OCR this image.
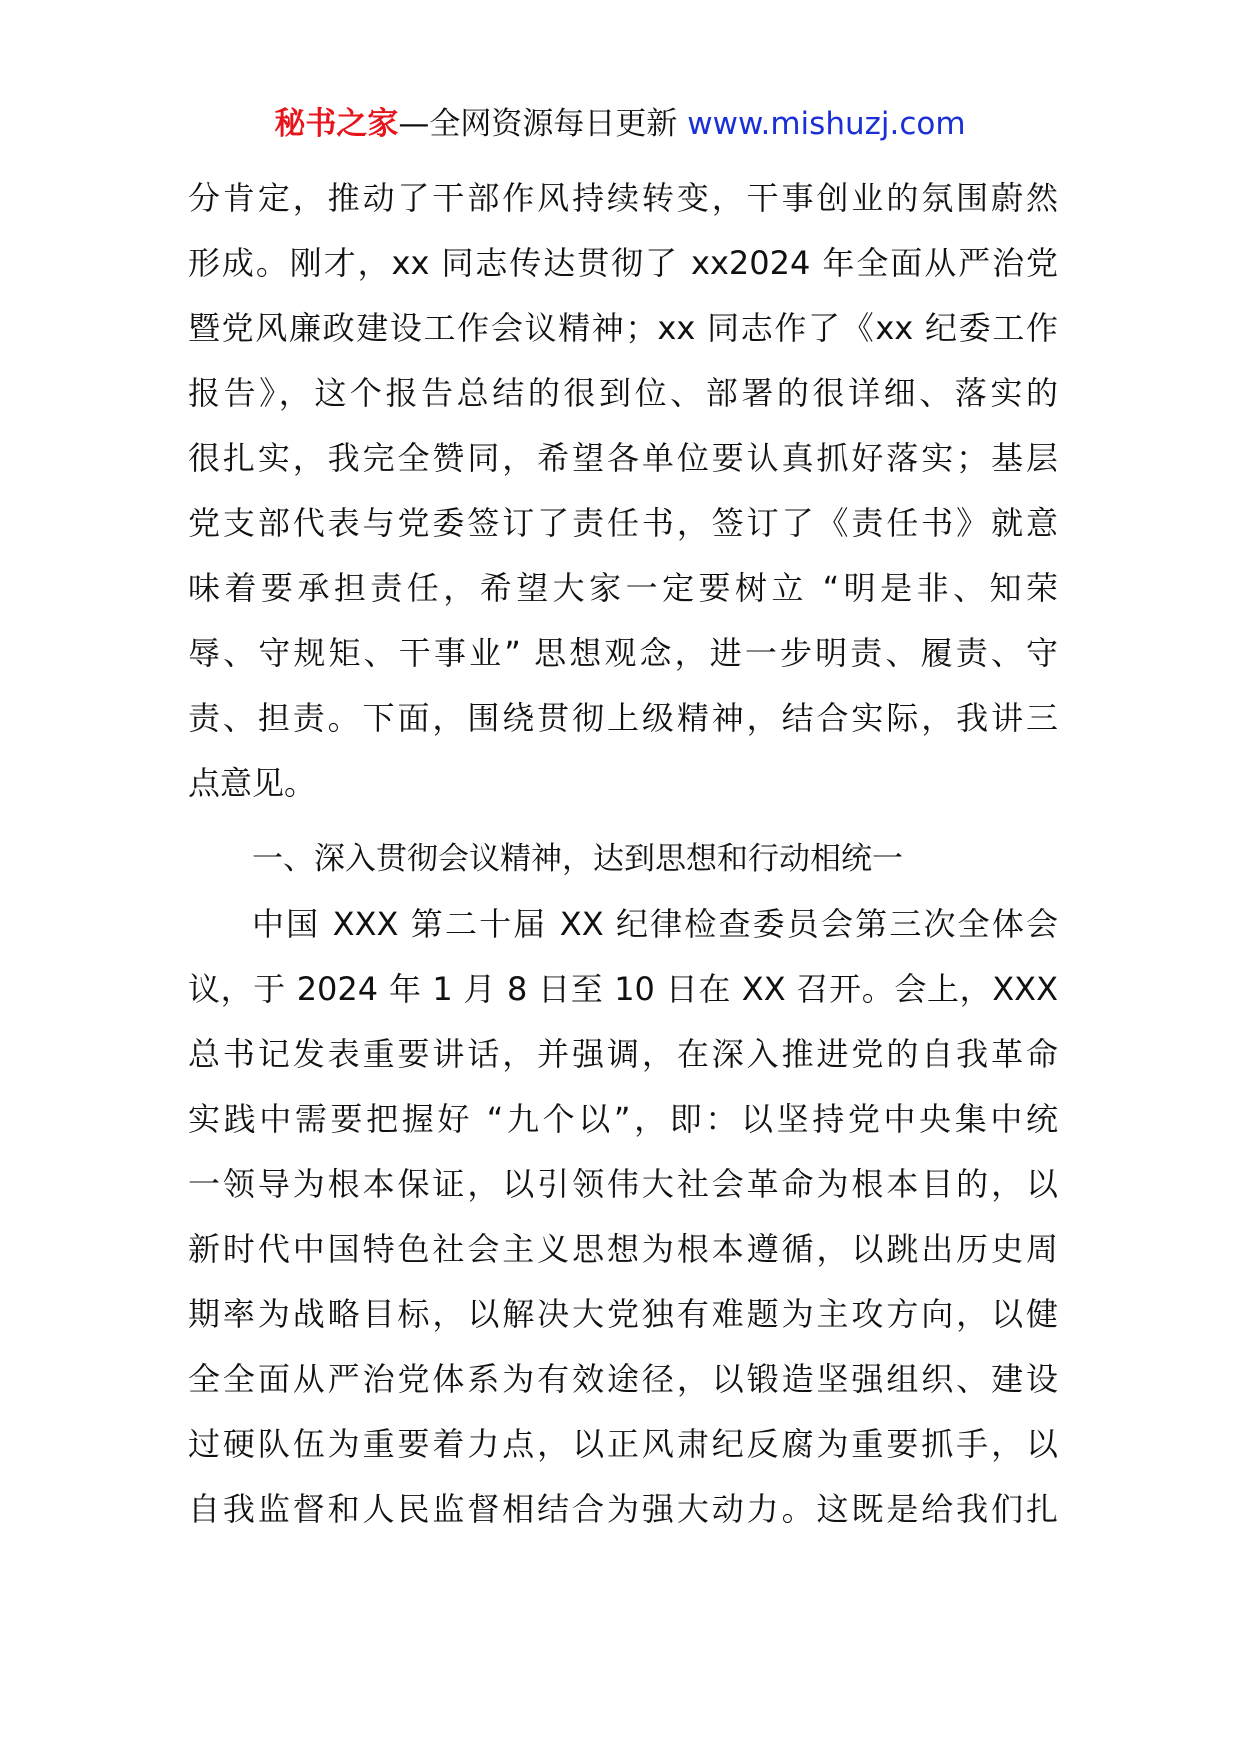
秘书之家—全网资源每日更新 www.mishuzj.com
分肯定，推动了干部作风持续转变，干事创业的氛围蔚然
形成。刚才，xx 同志传达贯彻了 xx2024 年全面从严治党
暨党风廉政建设工作会议精神；xx 同志作了《xx 纪委工作
报告》，这个报告总结的很到位、部署的很详细、落实的
很扎实，我完全赞同，希望各单位要认真抓好落实；基层
党支部代表与党委签订了责任书，签订了《责任书》就意
味着要承担责任，希望大家一定要树立 “明是非、知荣
辱、守规矩、干事业” 思想观念，进一步明责、履责、守
责、担责。下面，围绕贯彻上级精神，结合实际，我讲三
点意见。
一、深入贯彻会议精神，达到思想和行动相统一
中国 XXX 第二十届 XX 纪律检查委员会第三次全体会
议，于 2024 年 1 月 8 日至 10 日在 XX 召开。会上，XXX
总书记发表重要讲话，并强调，在深入推进党的自我革命
实践中需要把握好 “九个以”，即：以坚持党中央集中统
一领导为根本保证，以引领伟大社会革命为根本目的，以
新时代中国特色社会主义思想为根本遵循，以跳出历史周
期率为战略目标，以解决大党独有难题为主攻方向，以健
全全面从严治党体系为有效途径，以锻造坚强组织、建设
过硬队伍为重要着力点，以正风肃纪反腐为重要抓手，以
自我监督和人民监督相结合为强大动力。这既是给我们扎
